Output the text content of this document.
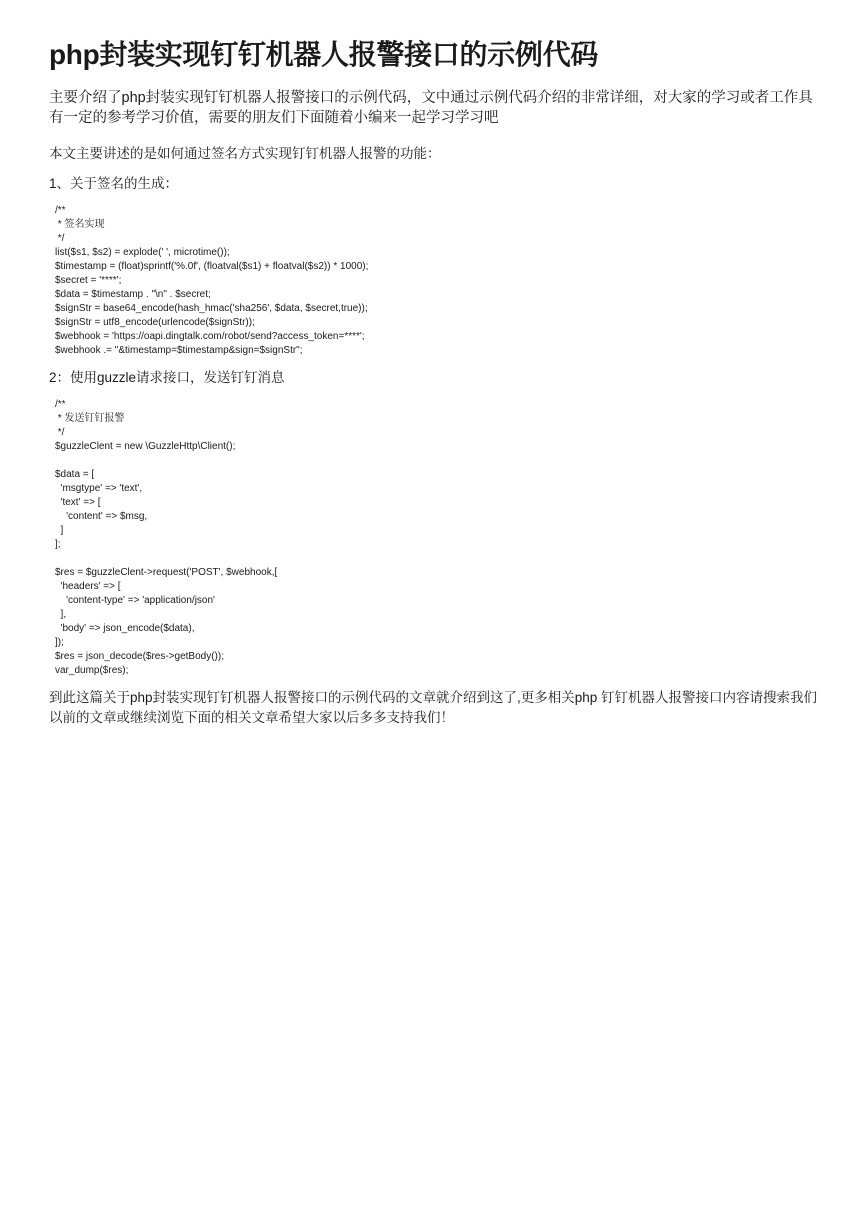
php封装实现钉钉机器人报警接口的示例代码

主要介绍了php封装实现钉钉机器人报警接口的示例代码，文中通过示例代码介绍的非常详细，对大家的学习或者工作具有一定的参考学习价值，需要的朋友们下面随着小编来一起学习学习吧

本文主要讲述的是如何通过签名方式实现钉钉机器人报警的功能：

1、关于签名的生成：

/**
* 签名实现
*/
list($s1, $s2) = explode(' ', microtime());
$timestamp = (float)sprintf('%.0f', (floatval($s1) + floatval($s2)) * 1000);
$secret = '****';
$data = $timestamp . "\n" . $secret;
$signStr = base64_encode(hash_hmac('sha256', $data, $secret,true));
$signStr = utf8_encode(urlencode($signStr));
$webhook = 'https://oapi.dingtalk.com/robot/send?access_token=****';
$webhook .= "&timestamp=$timestamp&sign=$signStr";

2：使用guzzle请求接口，发送钉钉消息

/**
* 发送钉钉报警
*/
$guzzleClent = new \GuzzleHttp\Client();
$data = [
'msgtype' => 'text',
'text' => [
'content' => $msg,
]
];
$res = $guzzleClent->request('POST', $webhook,[
'headers' => [
'content-type' => 'application/json'
],
'body' => json_encode($data),
]);
$res = json_decode($res->getBody());
var_dump($res);

到此这篇关于php封装实现钉钉机器人报警接口的示例代码的文章就介绍到这了,更多相关php 钉钉机器人报警接口内容请搜索我们以前的文章或继续浏览下面的相关文章希望大家以后多多支持我们！
